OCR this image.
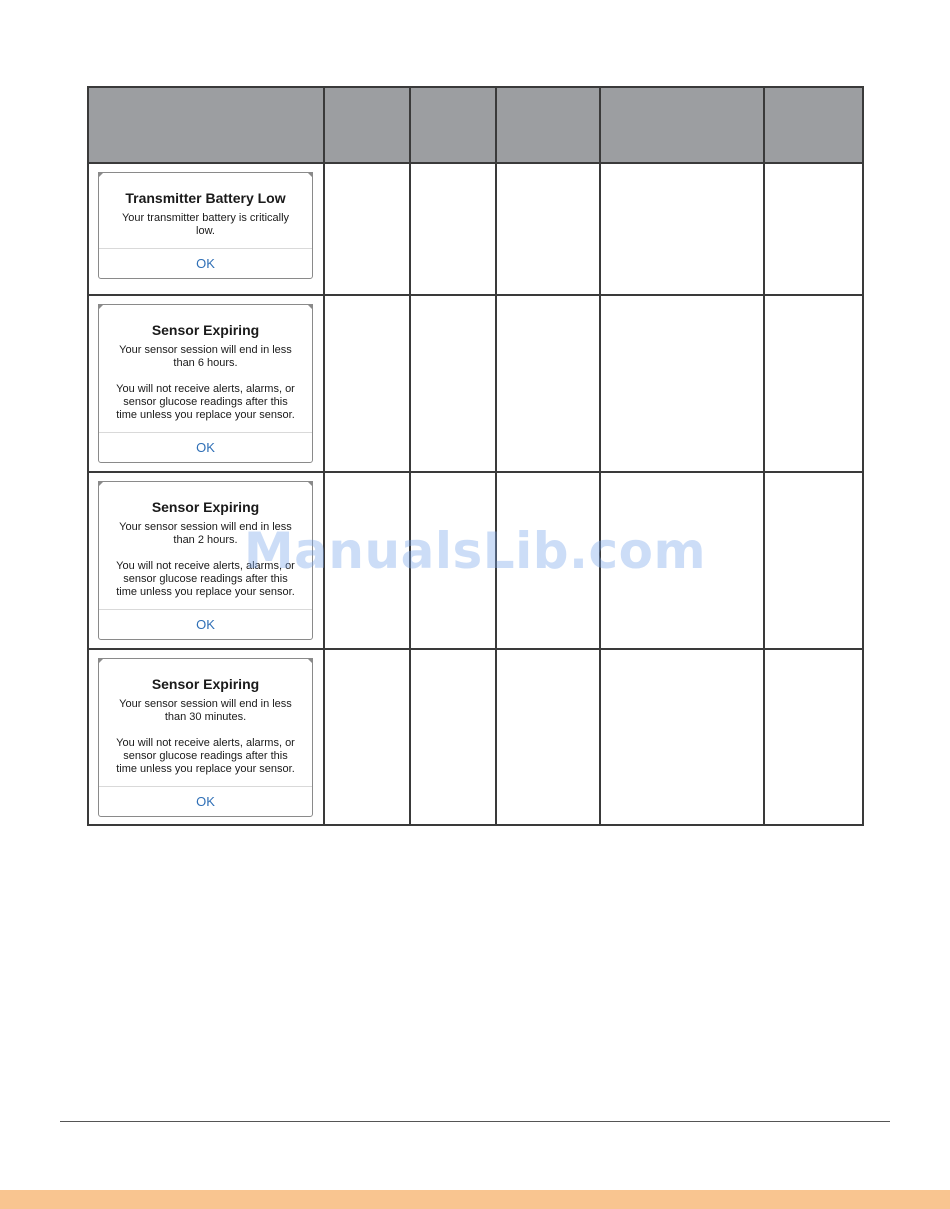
Transmitter Battery Low

Your transmitter battery is critically low.

OK					

Sensor Expiring

Your sensor session will end in less than 6 hours.

You will not receive alerts, alarms, or sensor glucose readings after this time unless you replace your sensor.

OK					

Sensor Expiring

Your sensor session will end in less than 2 hours.

You will not receive alerts, alarms, or sensor glucose readings after this time unless you replace your sensor.

OK					

Sensor Expiring

Your sensor session will end in less than 30 minutes.

You will not receive alerts, alarms, or sensor glucose readings after this time unless you replace your sensor.

OK					

ManualsLib.com
